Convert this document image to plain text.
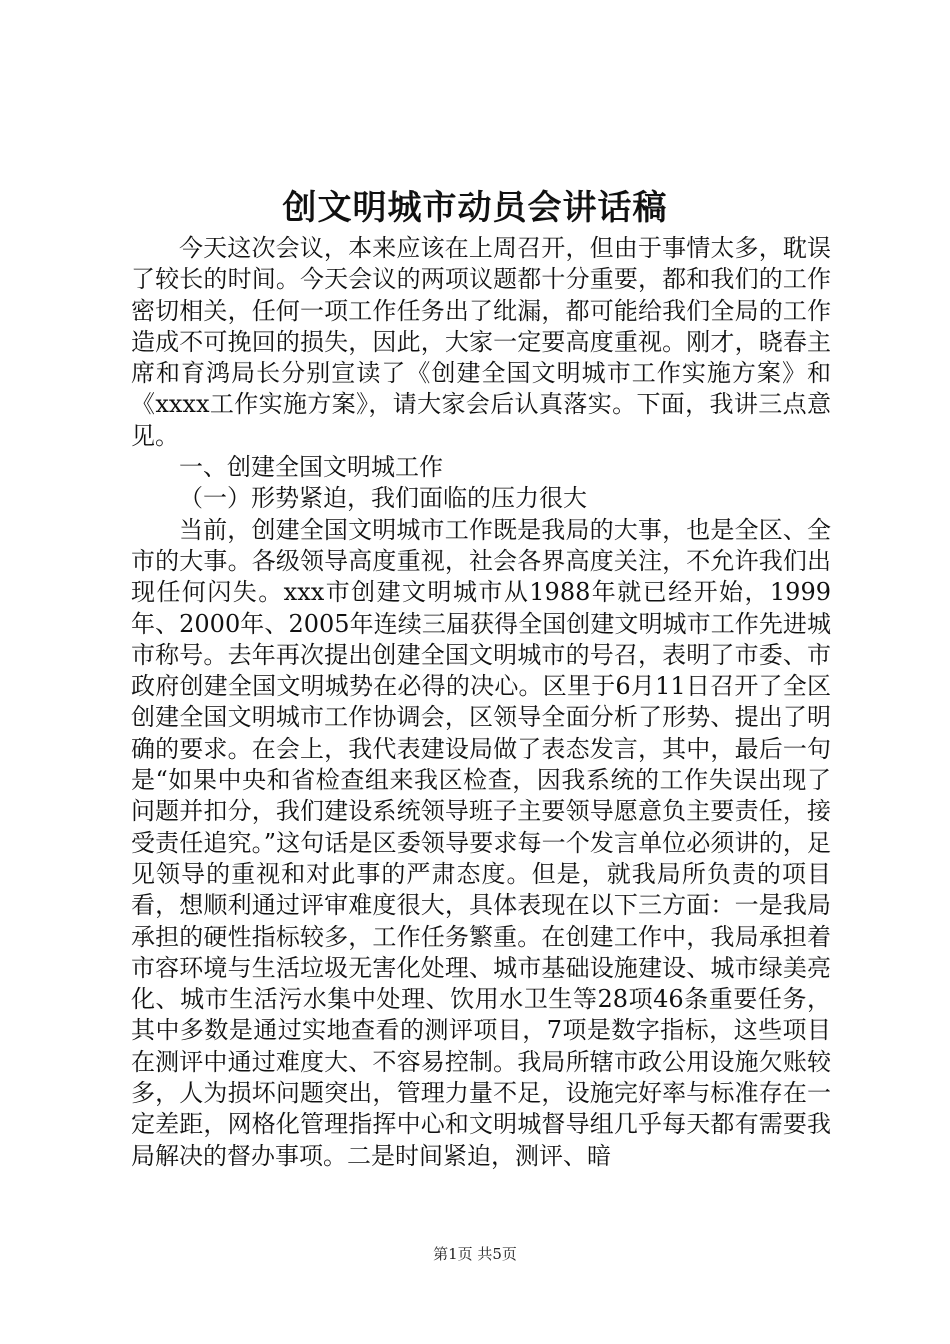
创文明城市动员会讲话稿

今天这次会议，本来应该在上周召开，但由于事情太多，耽误了较长的时间。今天会议的两项议题都十分重要，都和我们的工作密切相关，任何一项工作任务出了纰漏，都可能给我们全局的工作造成不可挽回的损失，因此，大家一定要高度重视。刚才，晓春主席和育鸿局长分别宣读了《创建全国文明城市工作实施方案》和《xxxx工作实施方案》，请大家会后认真落实。下面，我讲三点意见。

一、创建全国文明城工作

（一）形势紧迫，我们面临的压力很大

当前，创建全国文明城市工作既是我局的大事，也是全区、全市的大事。各级领导高度重视，社会各界高度关注，不允许我们出现任何闪失。xxx市创建文明城市从1988年就已经开始，1999年、2000年、2005年连续三届获得全国创建文明城市工作先进城市称号。去年再次提出创建全国文明城市的号召，表明了市委、市政府创建全国文明城势在必得的决心。区里于6月11日召开了全区创建全国文明城市工作协调会，区领导全面分析了形势、提出了明确的要求。在会上，我代表建设局做了表态发言，其中，最后一句是“如果中央和省检查组来我区检查，因我系统的工作失误出现了问题并扣分，我们建设系统领导班子主要领导愿意负主要责任，接受责任追究。”这句话是区委领导要求每一个发言单位必须讲的，足见领导的重视和对此事的严肃态度。但是，就我局所负责的项目看，想顺利通过评审难度很大，具体表现在以下三方面：一是我局承担的硬性指标较多，工作任务繁重。在创建工作中，我局承担着市容环境与生活垃圾无害化处理、城市基础设施建设、城市绿美亮化、城市生活污水集中处理、饮用水卫生等28项46条重要任务，其中多数是通过实地查看的测评项目，7项是数字指标，这些项目在测评中通过难度大、不容易控制。我局所辖市政公用设施欠账较多，人为损坏问题突出，管理力量不足，设施完好率与标准存在一定差距，网格化管理指挥中心和文明城督导组几乎每天都有需要我局解决的督办事项。二是时间紧迫，测评、暗

第1页 共5页
